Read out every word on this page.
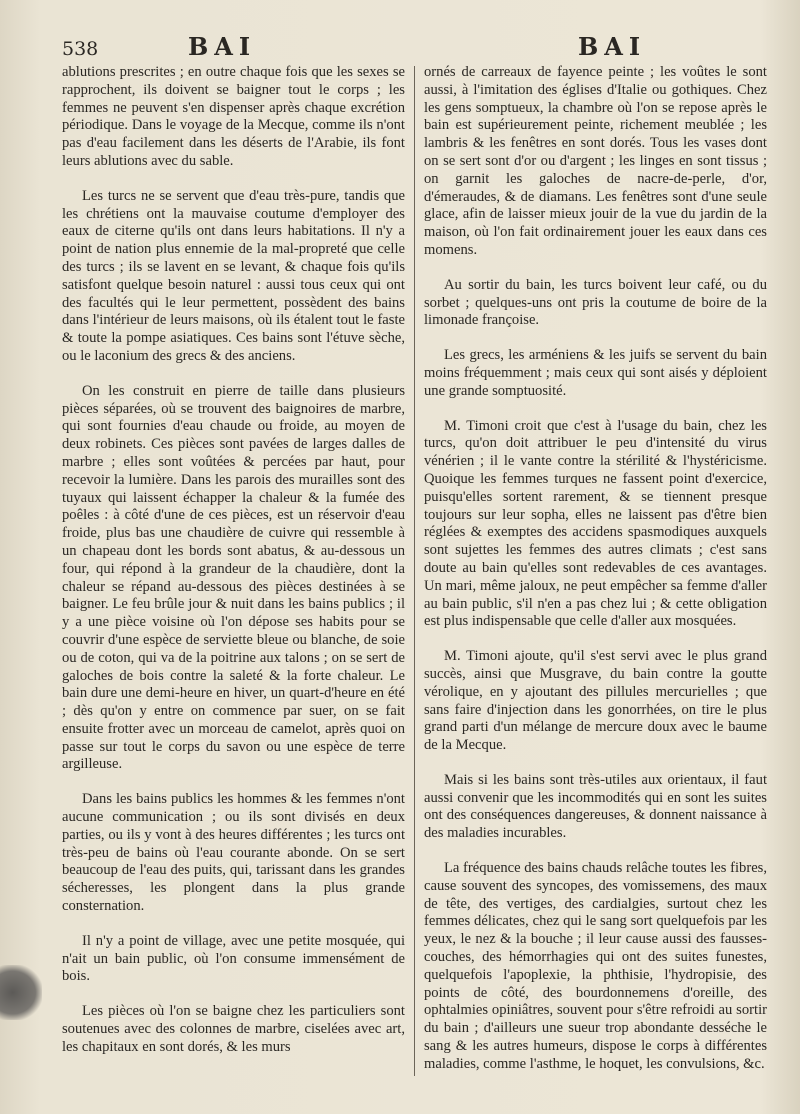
538	BAI	BAI

ablutions prescrites ; en outre chaque fois que les sexes se rapprochent, ils doivent se baigner tout le corps ; les femmes ne peuvent s'en dispenser après chaque excrétion périodique. Dans le voyage de la Mecque, comme ils n'ont pas d'eau facilement dans les déserts de l'Arabie, ils font leurs ablutions avec du sable.

Les turcs ne se servent que d'eau très-pure, tandis que les chrétiens ont la mauvaise coutume d'employer des eaux de citerne qu'ils ont dans leurs habitations. Il n'y a point de nation plus ennemie de la mal-propreté que celle des turcs ; ils se lavent en se levant, & chaque fois qu'ils satisfont quelque besoin naturel : aussi tous ceux qui ont des facultés qui le leur permettent, possèdent des bains dans l'intérieur de leurs maisons, où ils étalent tout le faste & toute la pompe asiatiques. Ces bains sont l'étuve sèche, ou le laconium des grecs & des anciens.

On les construit en pierre de taille dans plusieurs pièces séparées, où se trouvent des baignoires de marbre, qui sont fournies d'eau chaude ou froide, au moyen de deux robinets. Ces pièces sont pavées de larges dalles de marbre ; elles sont voûtées & percées par haut, pour recevoir la lumière. Dans les parois des murailles sont des tuyaux qui laissent échapper la chaleur & la fumée des poêles : à côté d'une de ces pièces, est un réservoir d'eau froide, plus bas une chaudière de cuivre qui ressemble à un chapeau dont les bords sont abatus, & au-dessous un four, qui répond à la grandeur de la chaudière, dont la chaleur se répand au-dessous des pièces destinées à se baigner. Le feu brûle jour & nuit dans les bains publics ; il y a une pièce voisine où l'on dépose ses habits pour se couvrir d'une espèce de serviette bleue ou blanche, de soie ou de coton, qui va de la poitrine aux talons ; on se sert de galoches de bois contre la saleté & la forte chaleur. Le bain dure une demi-heure en hiver, un quart-d'heure en été ; dès qu'on y entre on commence par suer, on se fait ensuite frotter avec un morceau de camelot, après quoi on passe sur tout le corps du savon ou une espèce de terre argilleuse.

Dans les bains publics les hommes & les femmes n'ont aucune communication ; ou ils sont divisés en deux parties, ou ils y vont à des heures différentes ; les turcs ont très-peu de bains où l'eau courante abonde. On se sert beaucoup de l'eau des puits, qui, tarissant dans les grandes sécheresses, les plongent dans la plus grande consternation.

Il n'y a point de village, avec une petite mosquée, qui n'ait un bain public, où l'on consume immensément de bois.

Les pièces où l'on se baigne chez les particuliers sont soutenues avec des colonnes de marbre, ciselées avec art, les chapitaux en sont dorés, & les murs

ornés de carreaux de fayence peinte ; les voûtes le sont aussi, à l'imitation des églises d'Italie ou gothiques. Chez les gens somptueux, la chambre où l'on se repose après le bain est supérieurement peinte, richement meublée ; les lambris & les fenêtres en sont dorés. Tous les vases dont on se sert sont d'or ou d'argent ; les linges en sont tissus ; on garnit les galoches de nacre-de-perle, d'or, d'émeraudes, & de diamans. Les fenêtres sont d'une seule glace, afin de laisser mieux jouir de la vue du jardin de la maison, où l'on fait ordinairement jouer les eaux dans ces momens.

Au sortir du bain, les turcs boivent leur café, ou du sorbet ; quelques-uns ont pris la coutume de boire de la limonade françoise.

Les grecs, les arméniens & les juifs se servent du bain moins fréquemment ; mais ceux qui sont aisés y déploient une grande somptuosité.

M. Timoni croit que c'est à l'usage du bain, chez les turcs, qu'on doit attribuer le peu d'intensité du virus vénérien ; il le vante contre la stérilité & l'hystéricisme. Quoique les femmes turques ne fassent point d'exercice, puisqu'elles sortent rarement, & se tiennent presque toujours sur leur sopha, elles ne laissent pas d'être bien réglées & exemptes des accidens spasmodiques auxquels sont sujettes les femmes des autres climats ; c'est sans doute au bain qu'elles sont redevables de ces avantages. Un mari, même jaloux, ne peut empêcher sa femme d'aller au bain public, s'il n'en a pas chez lui ; & cette obligation est plus indispensable que celle d'aller aux mosquées.

M. Timoni ajoute, qu'il s'est servi avec le plus grand succès, ainsi que Musgrave, du bain contre la goutte vérolique, en y ajoutant des pillules mercurielles ; que sans faire d'injection dans les gonorrhées, on tire le plus grand parti d'un mélange de mercure doux avec le baume de la Mecque.

Mais si les bains sont très-utiles aux orientaux, il faut aussi convenir que les incommodités qui en sont les suites ont des conséquences dangereuses, & donnent naissance à des maladies incurables.

La fréquence des bains chauds relâche toutes les fibres, cause souvent des syncopes, des vomissemens, des maux de tête, des vertiges, des cardialgies, surtout chez les femmes délicates, chez qui le sang sort quelquefois par les yeux, le nez & la bouche ; il leur cause aussi des fausses-couches, des hémorrhagies qui ont des suites funestes, quelquefois l'apoplexie, la phthisie, l'hydropisie, des points de côté, des bourdonnemens d'oreille, des ophtalmies opiniâtres, souvent pour s'être refroidi au sortir du bain ; d'ailleurs une sueur trop abondante desséche le sang & les autres humeurs, dispose le corps à différentes maladies, comme l'asthme, le hoquet, les convulsions, &c.
